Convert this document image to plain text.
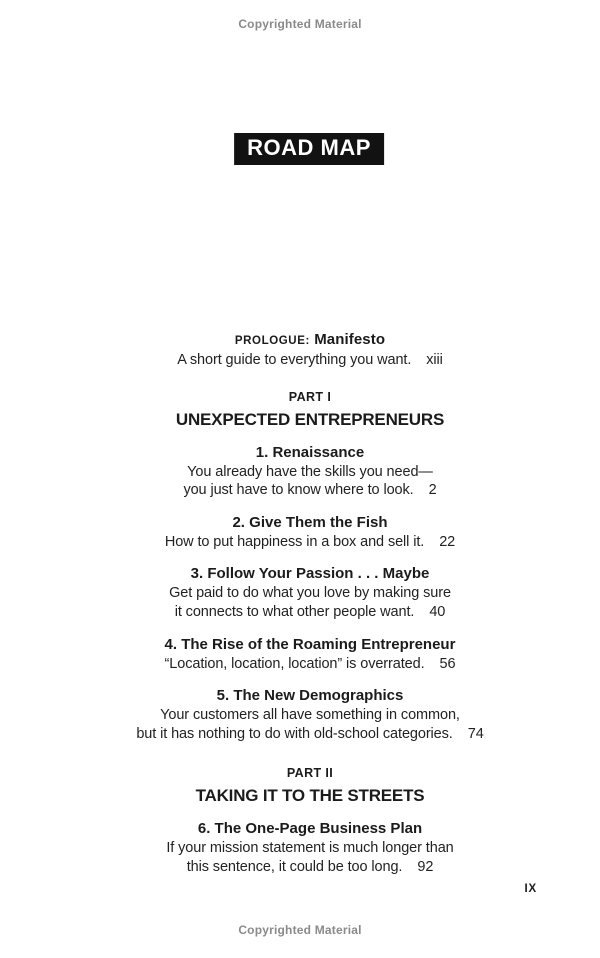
Copyrighted Material
ROAD MAP
PROLOGUE: Manifesto
A short guide to everything you want. xiii
PART I
UNEXPECTED ENTREPRENEURS
1. Renaissance
You already have the skills you need—
you just have to know where to look. 2
2. Give Them the Fish
How to put happiness in a box and sell it. 22
3. Follow Your Passion . . . Maybe
Get paid to do what you love by making sure
it connects to what other people want. 40
4. The Rise of the Roaming Entrepreneur
“Location, location, location” is overrated. 56
5. The New Demographics
Your customers all have something in common,
but it has nothing to do with old-school categories. 74
PART II
TAKING IT TO THE STREETS
6. The One-Page Business Plan
If your mission statement is much longer than
this sentence, it could be too long. 92
IX
Copyrighted Material
